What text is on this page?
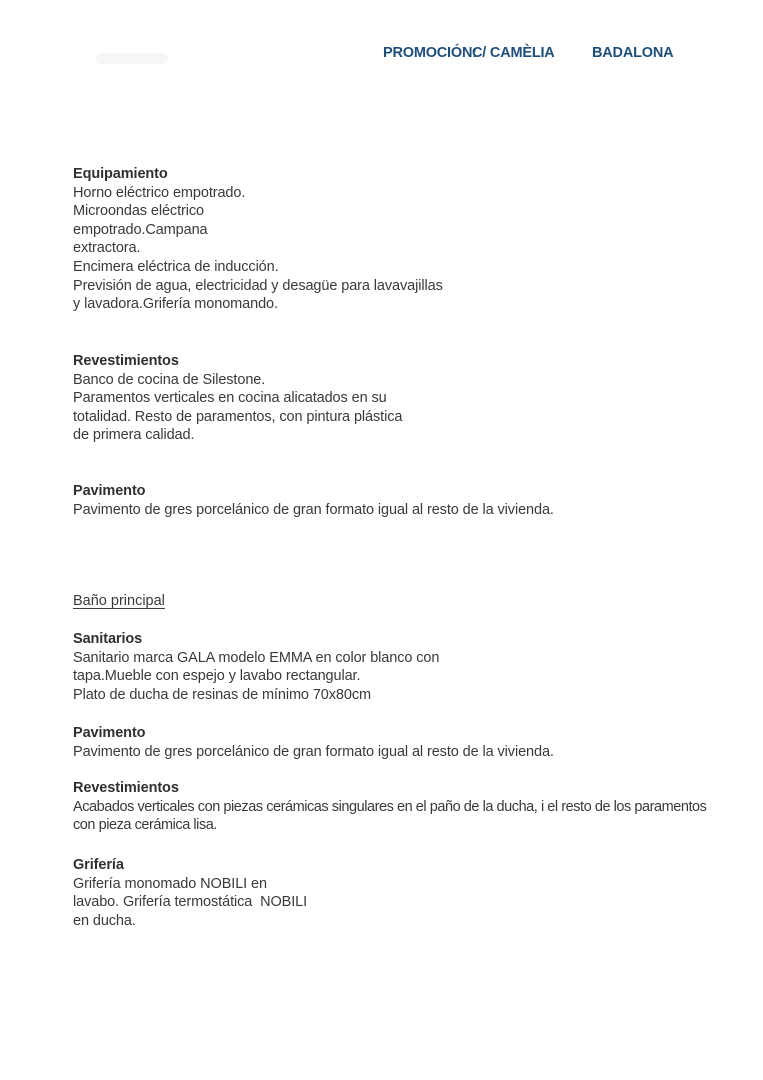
PROMOCIÓN:
C/ CAMÈLIA	BADALONA
Equipamiento
Horno eléctrico empotrado.
Microondas eléctrico
empotrado.Campana
extractora.
Encimera eléctrica de inducción.
Previsión de agua, electricidad y desagüe para lavavajillas
y lavadora.Grifería monomando.
Revestimientos
Banco de cocina de Silestone.
Paramentos verticales en cocina alicatados en su
totalidad. Resto de paramentos, con pintura plástica
de primera calidad.
Pavimento
Pavimento de gres porcelánico de gran formato igual al resto de la vivienda.
Baño principal
Sanitarios
Sanitario marca GALA modelo EMMA en color blanco con
tapa.Mueble con espejo y lavabo rectangular.
Plato de ducha de resinas de mínimo 70x80cm
Pavimento
Pavimento de gres porcelánico de gran formato igual al resto de la vivienda.
Revestimientos
Acabados verticales con piezas cerámicas singulares en el paño de la ducha, i el resto de los paramentos
con pieza cerámica lisa.
Grifería
Grifería monomado NOBILI en
lavabo. Grifería termostática  NOBILI
en ducha.
